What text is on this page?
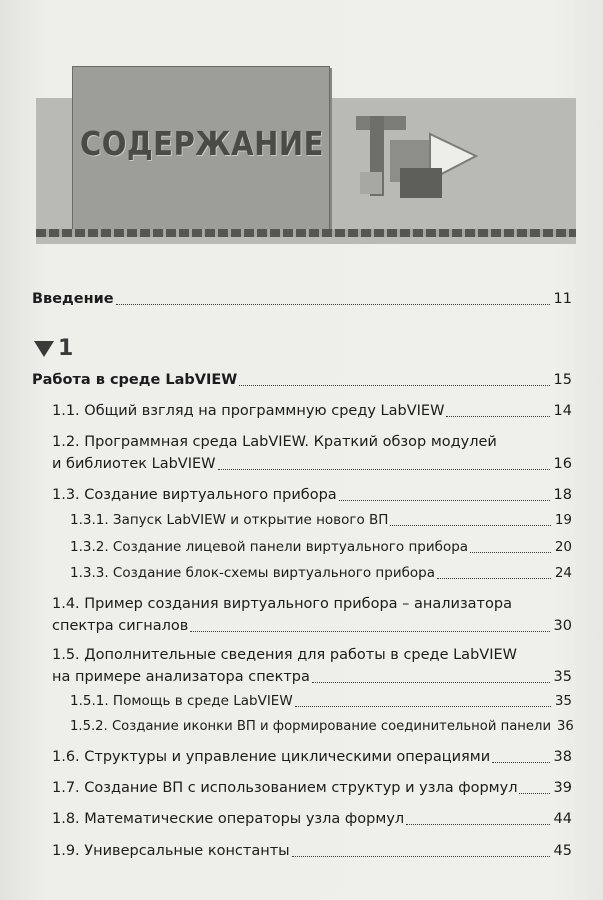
СОДЕРЖАНИЕ
Введение	11
1
Работа в среде LabVIEW	15
1.1. Общий взгляд на программную среду LabVIEW	14
1.2. Программная среда LabVIEW. Краткий обзор модулей
и библиотек LabVIEW	16
1.3. Создание виртуального прибора	18
1.3.1. Запуск LabVIEW и открытие нового ВП	19
1.3.2. Создание лицевой панели виртуального прибора	20
1.3.3. Создание блок-схемы виртуального прибора	24
1.4. Пример создания виртуального прибора – анализатора
спектра сигналов	30
1.5. Дополнительные сведения для работы в среде LabVIEW
на примере анализатора спектра	35
1.5.1. Помощь в среде LabVIEW	35
1.5.2. Создание иконки ВП и формирование соединительной панели 36
1.6. Структуры и управление циклическими операциями	38
1.7. Создание ВП с использованием структур и узла формул 39
1.8. Математические операторы узла формул	44
1.9. Универсальные константы	45
